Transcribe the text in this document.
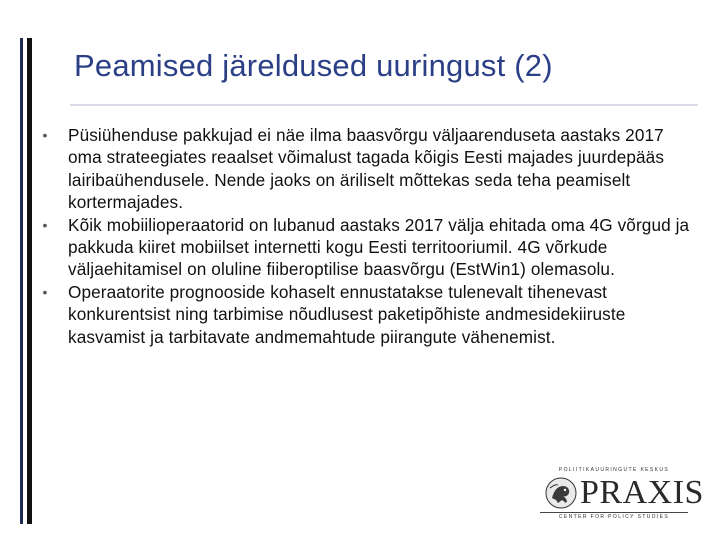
Peamised järeldused uuringust (2)
•	Püsiühenduse pakkujad ei näe ilma baasvõrgu väljaarenduseta aastaks 2017 oma strateegiates reaalset võimalust tagada kõigis Eesti majades juurdepääs lairibaühendusele. Nende jaoks on äriliselt mõttekas seda teha peamiselt kortermajades.
•	Kõik mobiilioperaatorid on lubanud aastaks 2017 välja ehitada oma 4G võrgud ja pakkuda kiiret mobiilset internetti kogu Eesti territooriumil. 4G võrkude väljaehitamisel on oluline fiiberoptilise baasvõrgu (EstWin1) olemasolu.
•	Operaatorite prognooside kohaselt ennustatakse tulenevalt tihenevast konkurentsist ning tarbimise nõudlusest paketipõhiste andmesidekiiruste kasvamist ja tarbitavate andmemahtude piirangute vähenemist.
POLIITIKAUURINGUTE KESKUS
PRAXIS
CENTER FOR POLICY STUDIES
